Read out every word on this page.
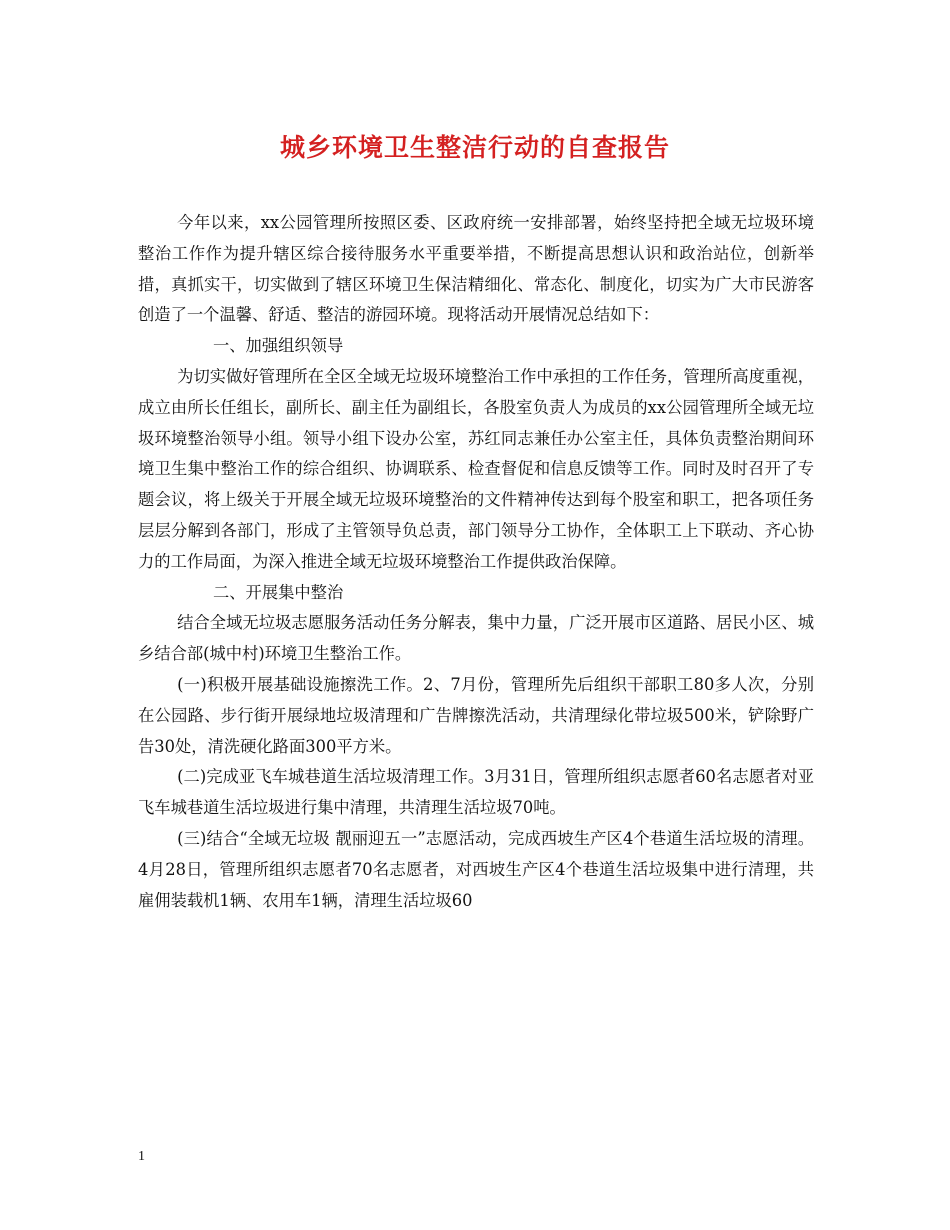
城乡环境卫生整洁行动的自查报告

今年以来，xx公园管理所按照区委、区政府统一安排部署，始终坚持把全域无垃圾环境整治工作作为提升辖区综合接待服务水平重要举措，不断提高思想认识和政治站位，创新举措，真抓实干，切实做到了辖区环境卫生保洁精细化、常态化、制度化，切实为广大市民游客创造了一个温馨、舒适、整洁的游园环境。现将活动开展情况总结如下：

一、加强组织领导

为切实做好管理所在全区全域无垃圾环境整治工作中承担的工作任务，管理所高度重视，成立由所长任组长，副所长、副主任为副组长，各股室负责人为成员的xx公园管理所全域无垃圾环境整治领导小组。领导小组下设办公室，苏红同志兼任办公室主任，具体负责整治期间环境卫生集中整治工作的综合组织、协调联系、检查督促和信息反馈等工作。同时及时召开了专题会议，将上级关于开展全域无垃圾环境整治的文件精神传达到每个股室和职工，把各项任务层层分解到各部门，形成了主管领导负总责，部门领导分工协作，全体职工上下联动、齐心协力的工作局面，为深入推进全域无垃圾环境整治工作提供政治保障。

二、开展集中整治

结合全域无垃圾志愿服务活动任务分解表，集中力量，广泛开展市区道路、居民小区、城乡结合部(城中村)环境卫生整治工作。

(一)积极开展基础设施擦洗工作。2、7月份，管理所先后组织干部职工80多人次，分别在公园路、步行街开展绿地垃圾清理和广告牌擦洗活动，共清理绿化带垃圾500米，铲除野广告30处，清洗硬化路面300平方米。

(二)完成亚飞车城巷道生活垃圾清理工作。3月31日，管理所组织志愿者60名志愿者对亚飞车城巷道生活垃圾进行集中清理，共清理生活垃圾70吨。

(三)结合“全域无垃圾 靓丽迎五一”志愿活动，完成西坡生产区4个巷道生活垃圾的清理。4月28日，管理所组织志愿者70名志愿者，对西坡生产区4个巷道生活垃圾集中进行清理，共雇佣装载机1辆、农用车1辆，清理生活垃圾60

1
